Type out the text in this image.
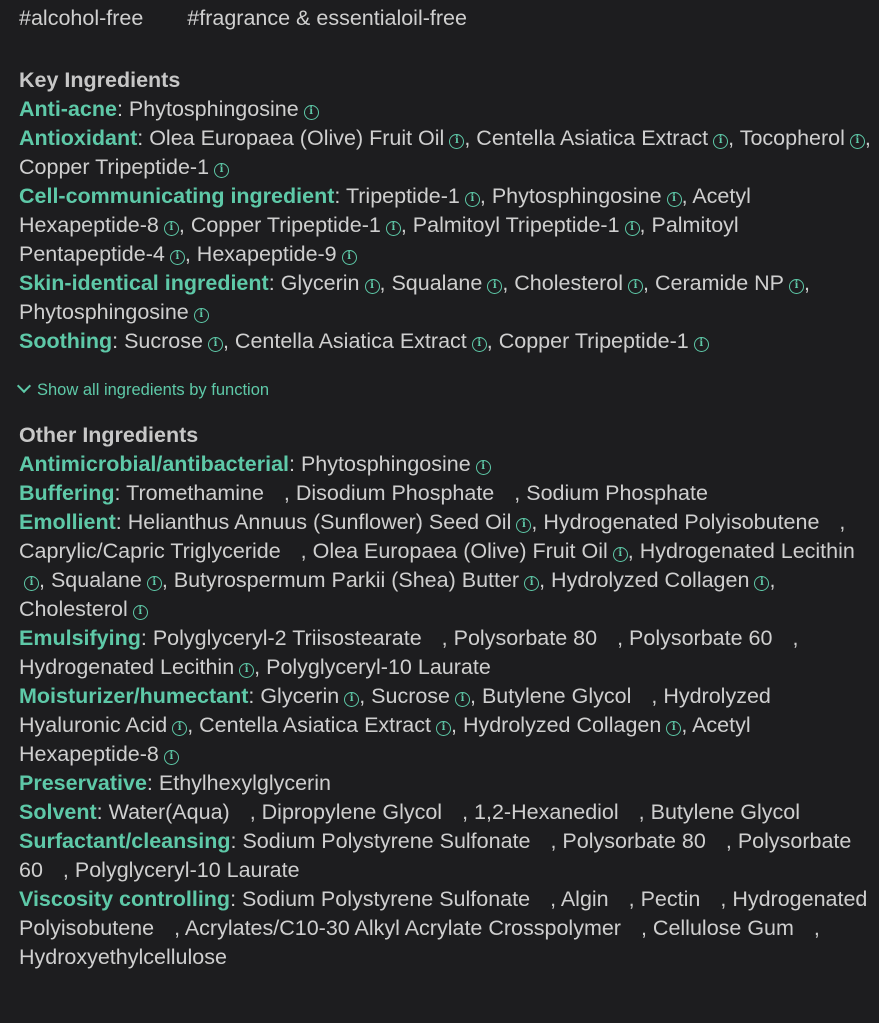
#alcohol-free #fragrance & essentialoil-free
Key Ingredients
Anti-acne: Phytosphingosine i
Antioxidant: Olea Europaea (Olive) Fruit Oil i , Centella Asiatica Extract i , Tocopherol i , Copper Tripeptide-1 i
Cell-communicating ingredient: Tripeptide-1 i , Phytosphingosine i , Acetyl Hexapeptide-8 i , Copper Tripeptide-1 i , Palmitoyl Tripeptide-1 i , Palmitoyl Pentapeptide-4 i , Hexapeptide-9 i
Skin-identical ingredient: Glycerin i , Squalane i , Cholesterol i , Ceramide NP i , Phytosphingosine i
Soothing: Sucrose i , Centella Asiatica Extract i , Copper Tripeptide-1 i
Show all ingredients by function
Other Ingredients
Antimicrobial/antibacterial: Phytosphingosine i
Buffering: Tromethamine , Disodium Phosphate , Sodium Phosphate
Emollient: Helianthus Annuus (Sunflower) Seed Oil i , Hydrogenated Polyisobutene , Caprylic/Capric Triglyceride , Olea Europaea (Olive) Fruit Oil i , Hydrogenated Lecithini , Squalane i , Butyrospermum Parkii (Shea) Butter i , Hydrolyzed Collagen i , Cholesterol i
Emulsifying: Polyglyceryl-2 Triisostearate , Polysorbate 80 , Polysorbate 60 , Hydrogenated Lecithin i , Polyglyceryl-10 Laurate
Moisturizer/humectant: Glycerin i , Sucrose i , Butylene Glycol , Hydrolyzed Hyaluronic Acid i , Centella Asiatica Extract i , Hydrolyzed Collagen i , Acetyl Hexapeptide-8 i
Preservative: Ethylhexylglycerin
Solvent: Water(Aqua) , Dipropylene Glycol , 1,2-Hexanediol , Butylene Glycol
Surfactant/cleansing: Sodium Polystyrene Sulfonate , Polysorbate 80 , Polysorbate 60 , Polyglyceryl-10 Laurate
Viscosity controlling: Sodium Polystyrene Sulfonate , Algin , Pectin , Hydrogenated Polyisobutene , Acrylates/C10-30 Alkyl Acrylate Crosspolymer , Cellulose Gum , Hydroxyethylcellulose
